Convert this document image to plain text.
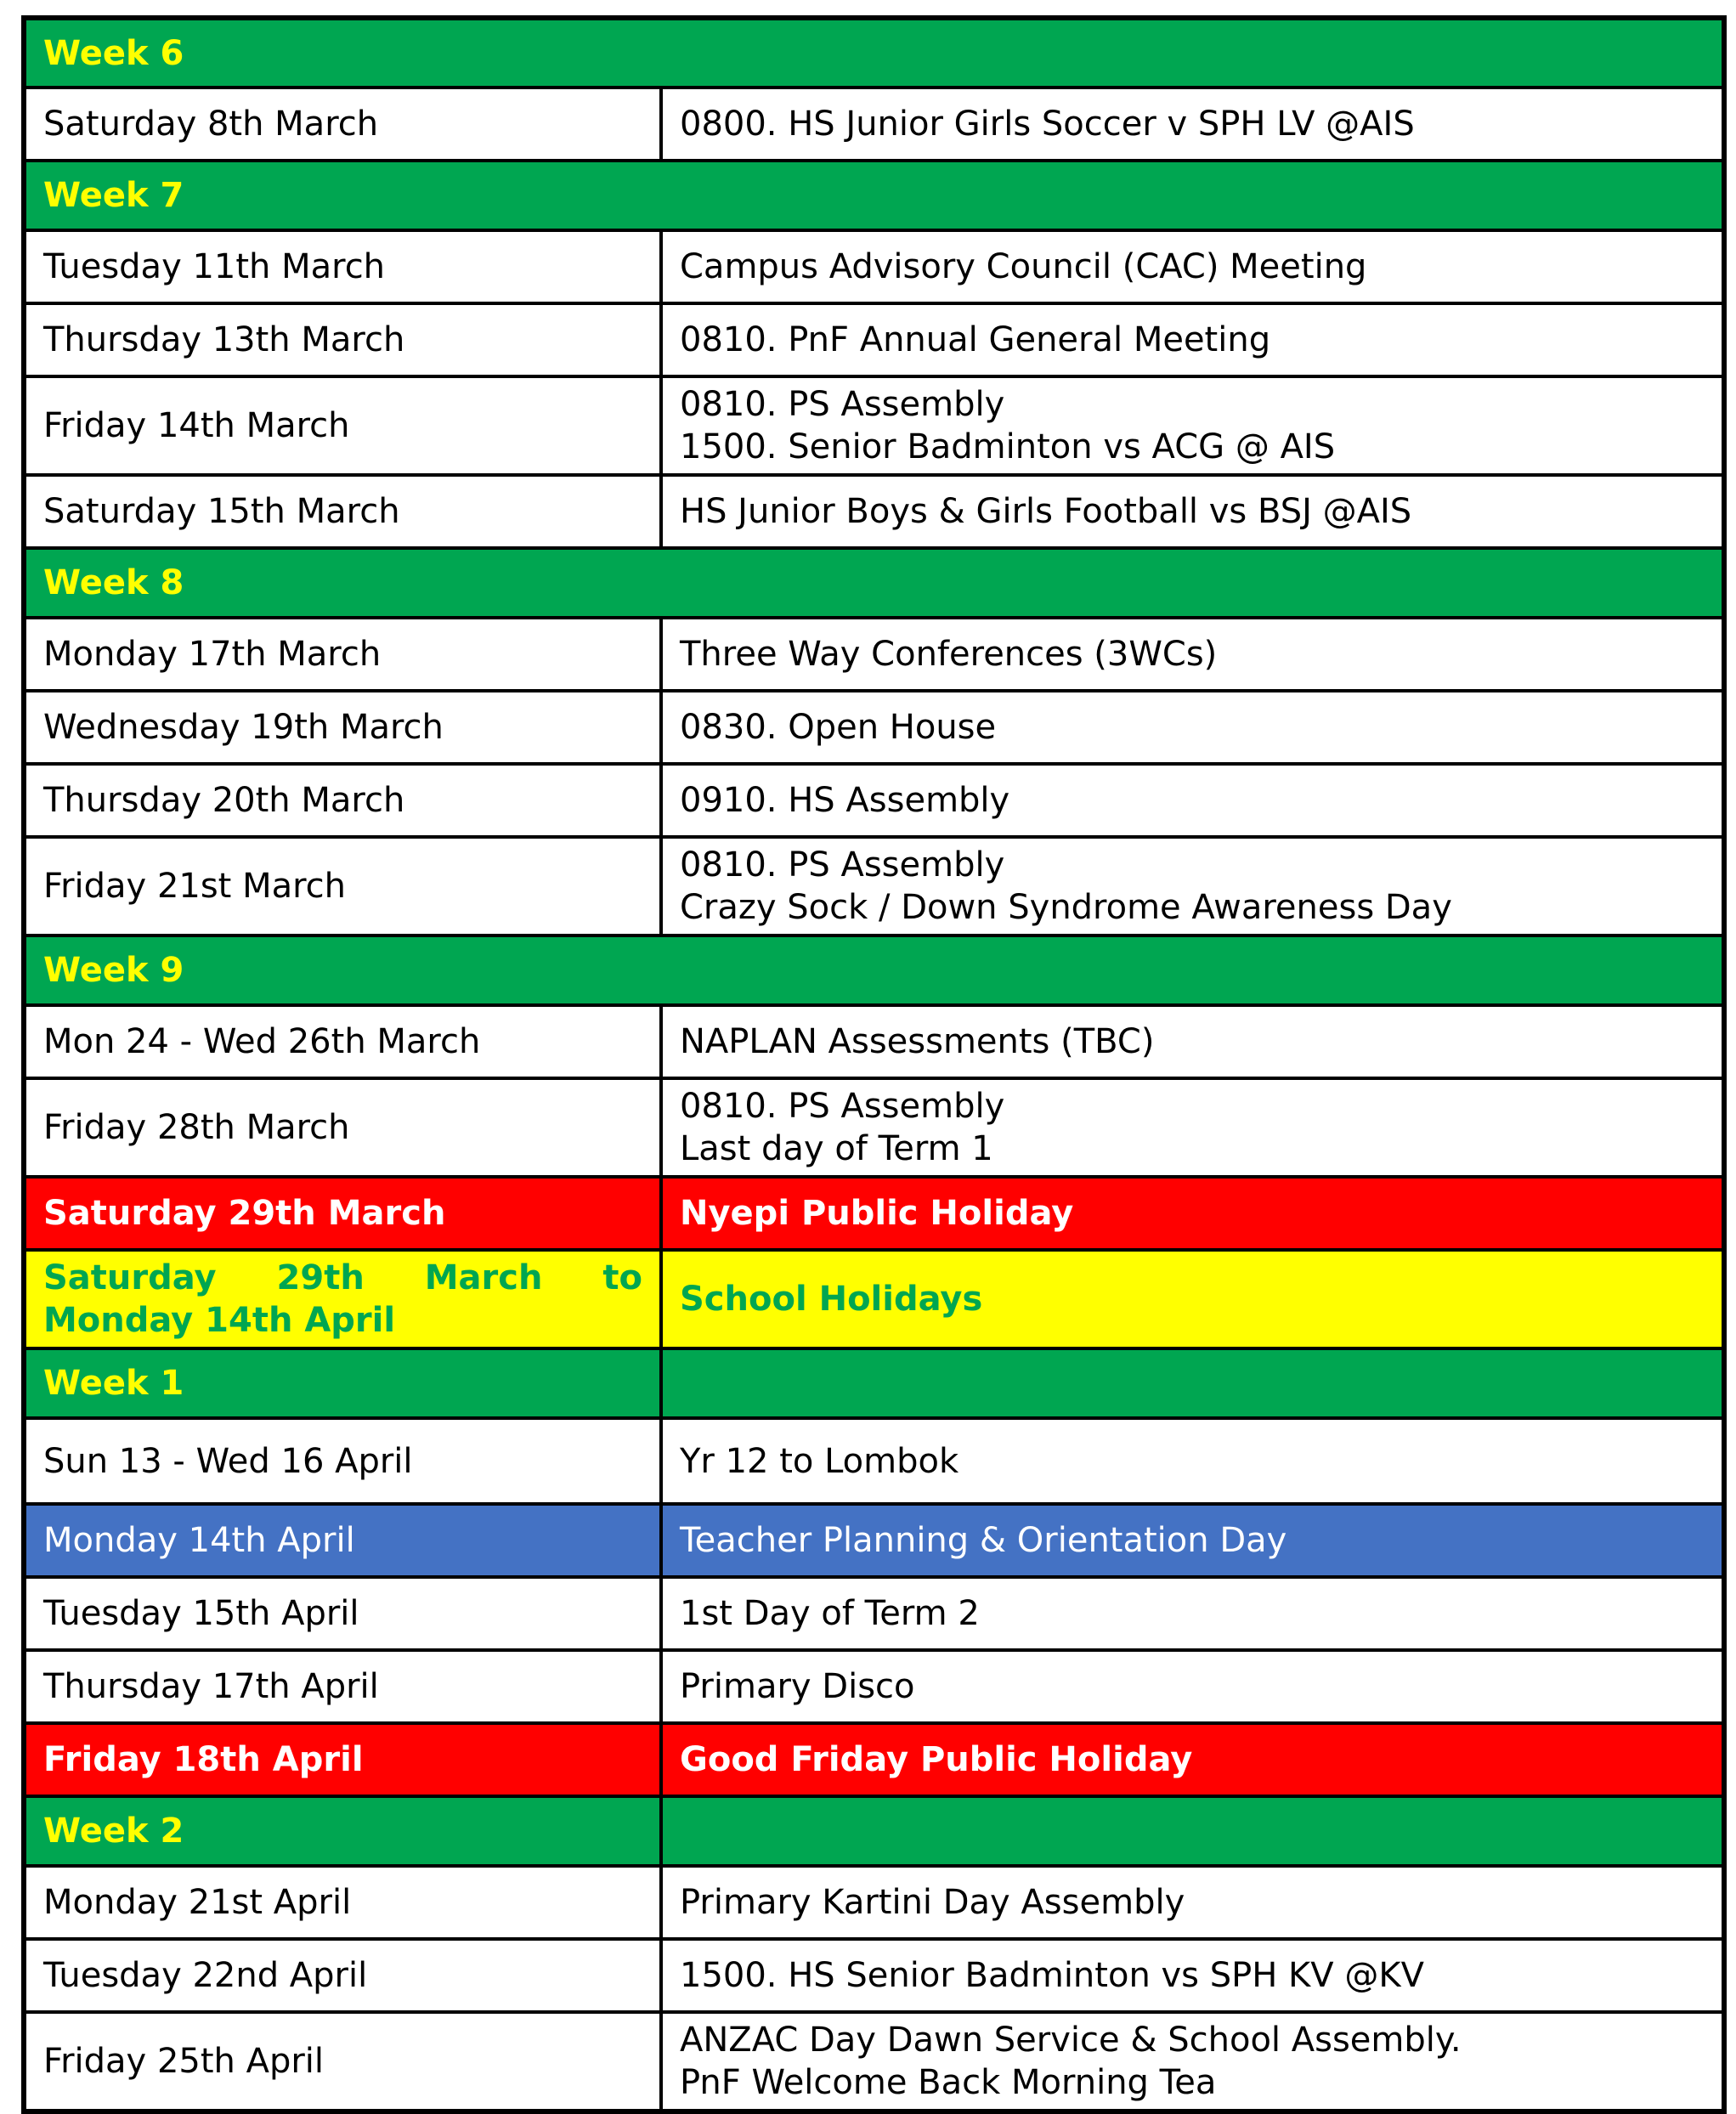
Week 6	

Saturday 8th March	0800. HS Junior Girls Soccer v SPH LV @AIS

Week 7	

Tuesday 11th March	Campus Advisory Council (CAC) Meeting

Thursday 13th March	0810. PnF Annual General Meeting

Friday 14th March	0810. PS Assembly
1500. Senior Badminton vs ACG @ AIS

Saturday 15th March	HS Junior Boys & Girls Football vs BSJ @AIS

Week 8	

Monday 17th March	Three Way Conferences (3WCs)

Wednesday 19th March	0830. Open House

Thursday 20th March	0910. HS Assembly

Friday 21st March	0810. PS Assembly
Crazy Sock / Down Syndrome Awareness Day

Week 9	

Mon 24 - Wed 26th March	NAPLAN Assessments (TBC)

Friday 28th March	0810. PS Assembly
Last day of Term 1

Saturday 29th March	Nyepi Public Holiday

Saturday 29th March to
Monday 14th April	School Holidays

Week 1	

Sun 13 - Wed 16 April	Yr 12 to Lombok

Monday 14th April	Teacher Planning & Orientation Day

Tuesday 15th April	1st Day of Term 2

Thursday 17th April	Primary Disco

Friday 18th April	Good Friday Public Holiday

Week 2	

Monday 21st April	Primary Kartini Day Assembly

Tuesday 22nd April	1500. HS Senior Badminton vs SPH KV @KV

Friday 25th April	ANZAC Day Dawn Service & School Assembly.
PnF Welcome Back Morning Tea
